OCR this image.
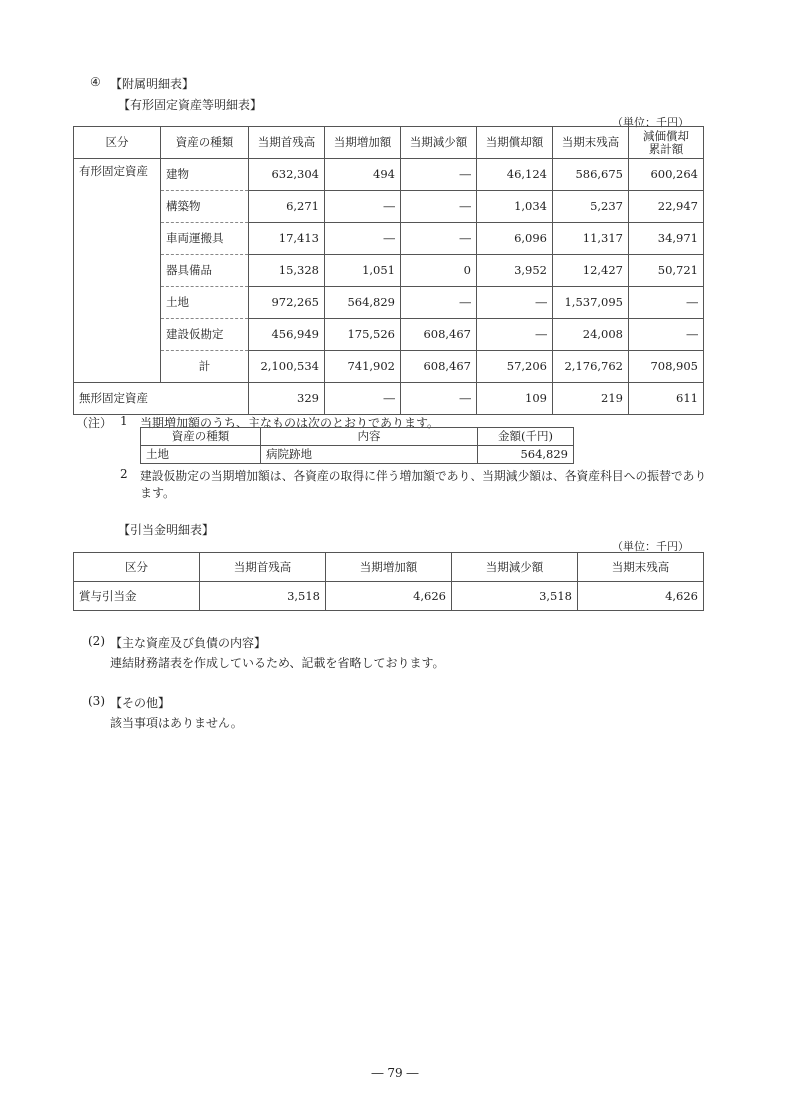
④ 【附属明細表】
【有形固定資産等明細表】
（単位：千円）
区分	資産の種類	当期首残高	当期増加額	当期減少額	当期償却額	当期末残高	減価償却
累計額

有形固定資産	建物	632,304	494	―	46,124	586,675	600,264
	構築物	6,271	―	―	1,034	5,237	22,947
	車両運搬具	17,413	―	―	6,096	11,317	34,971
	器具備品	15,328	1,051	0	3,952	12,427	50,721
	土地	972,265	564,829	―	―	1,537,095	―
	建設仮勘定	456,949	175,526	608,467	―	24,008	―
	計	2,100,534	741,902	608,467	57,206	2,176,762	708,905
無形固定資産		329	―	―	109	219	611
（注） 1 当期増加額のうち、主なものは次のとおりであります。
資産の種類	内容	金額(千円)
土地	病院跡地	564,829
2 建設仮勘定の当期増加額は、各資産の取得に伴う増加額であり、当期減少額は、各資産科目への振替であり
ます。
【引当金明細表】
（単位：千円）
区分	当期首残高	当期増加額	当期減少額	当期末残高
賞与引当金	3,518	4,626	3,518	4,626
(2) 【主な資産及び負債の内容】
連結財務諸表を作成しているため、記載を省略しております。
(3) 【その他】
該当事項はありません。
― 79 ―
